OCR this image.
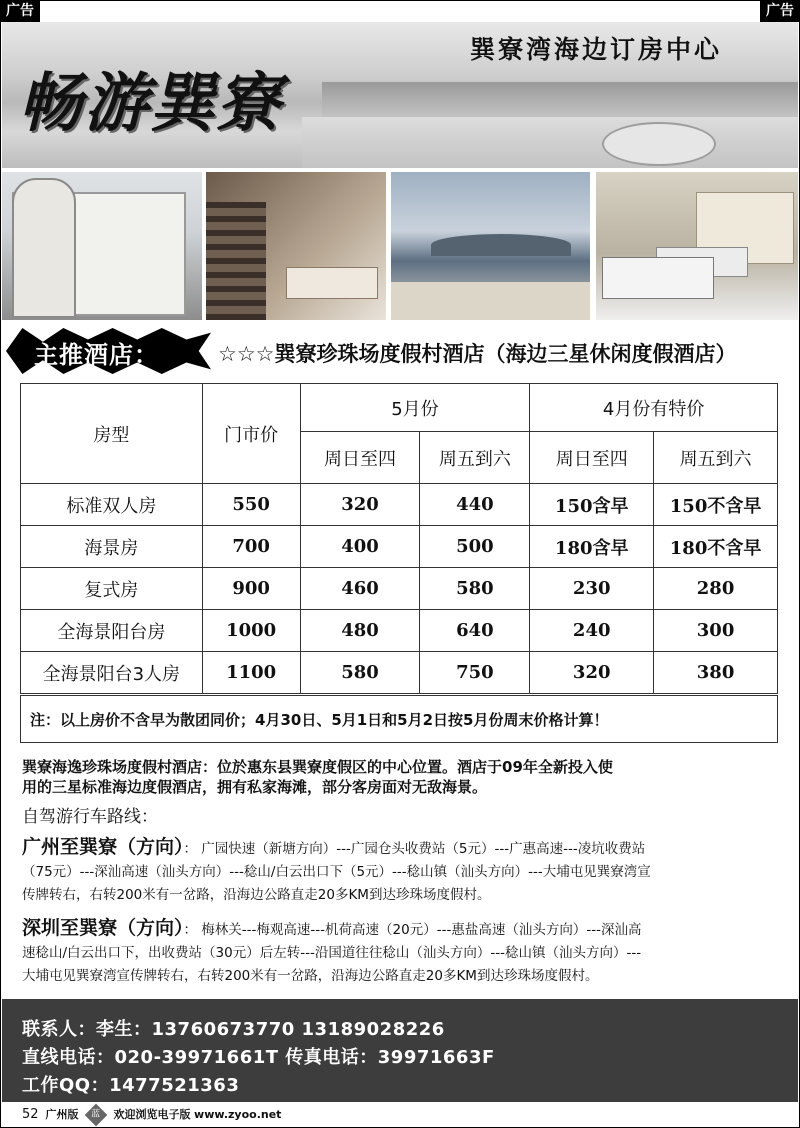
广告	广告
巽寮湾海边订房中心
畅游巽寮
主推酒店：	☆☆☆巽寮珍珠场度假村酒店（海边三星休闲度假酒店）
房型	门市价	5月份		4月份有特价	
		周日至四	周五到六	周日至四	周五到六
标准双人房	550	320	440	150含早	150不含早
海景房	700	400	500	180含早	180不含早
复式房	900	460	580	230	280
全海景阳台房	1000	480	640	240	300
全海景阳台3人房	1100	580	750	320	380
注：以上房价不含早为散团同价；4月30日、5月1日和5月2日按5月份周末价格计算！
巽寮海逸珍珠场度假村酒店：位於惠东县巽寮度假区的中心位置。酒店于09年全新投入使
用的三星标准海边度假酒店，拥有私家海滩，部分客房面对无敌海景。
自驾游行车路线：
广州至巽寮（方向）： 广园快速（新塘方向）---广园仓头收费站（5元）---广惠高速---凌坑收费站
（75元）---深汕高速（汕头方向）---稔山/白云出口下（5元）---稔山镇（汕头方向）---大埔屯见巽寮湾宣
传牌转右，右转200米有一岔路，沿海边公路直走20多KM到达珍珠场度假村。
深圳至巽寮（方向）： 梅林关---梅观高速---机荷高速（20元）---惠盐高速（汕头方向）---深汕高
速稔山/白云出口下，出收费站（30元）后左转---沿国道往往稔山（汕头方向）---稔山镇（汕头方向）---
大埔屯见巽寮湾宣传牌转右，右转200米有一岔路，沿海边公路直走20多KM到达珍珠场度假村。
联系人：李生：13760673770 13189028226
直线电话：020-39971661T 传真电话：39971663F
工作QQ：1477521363
52 广州版 蓝 欢迎浏览电子版 www.zyoo.net
